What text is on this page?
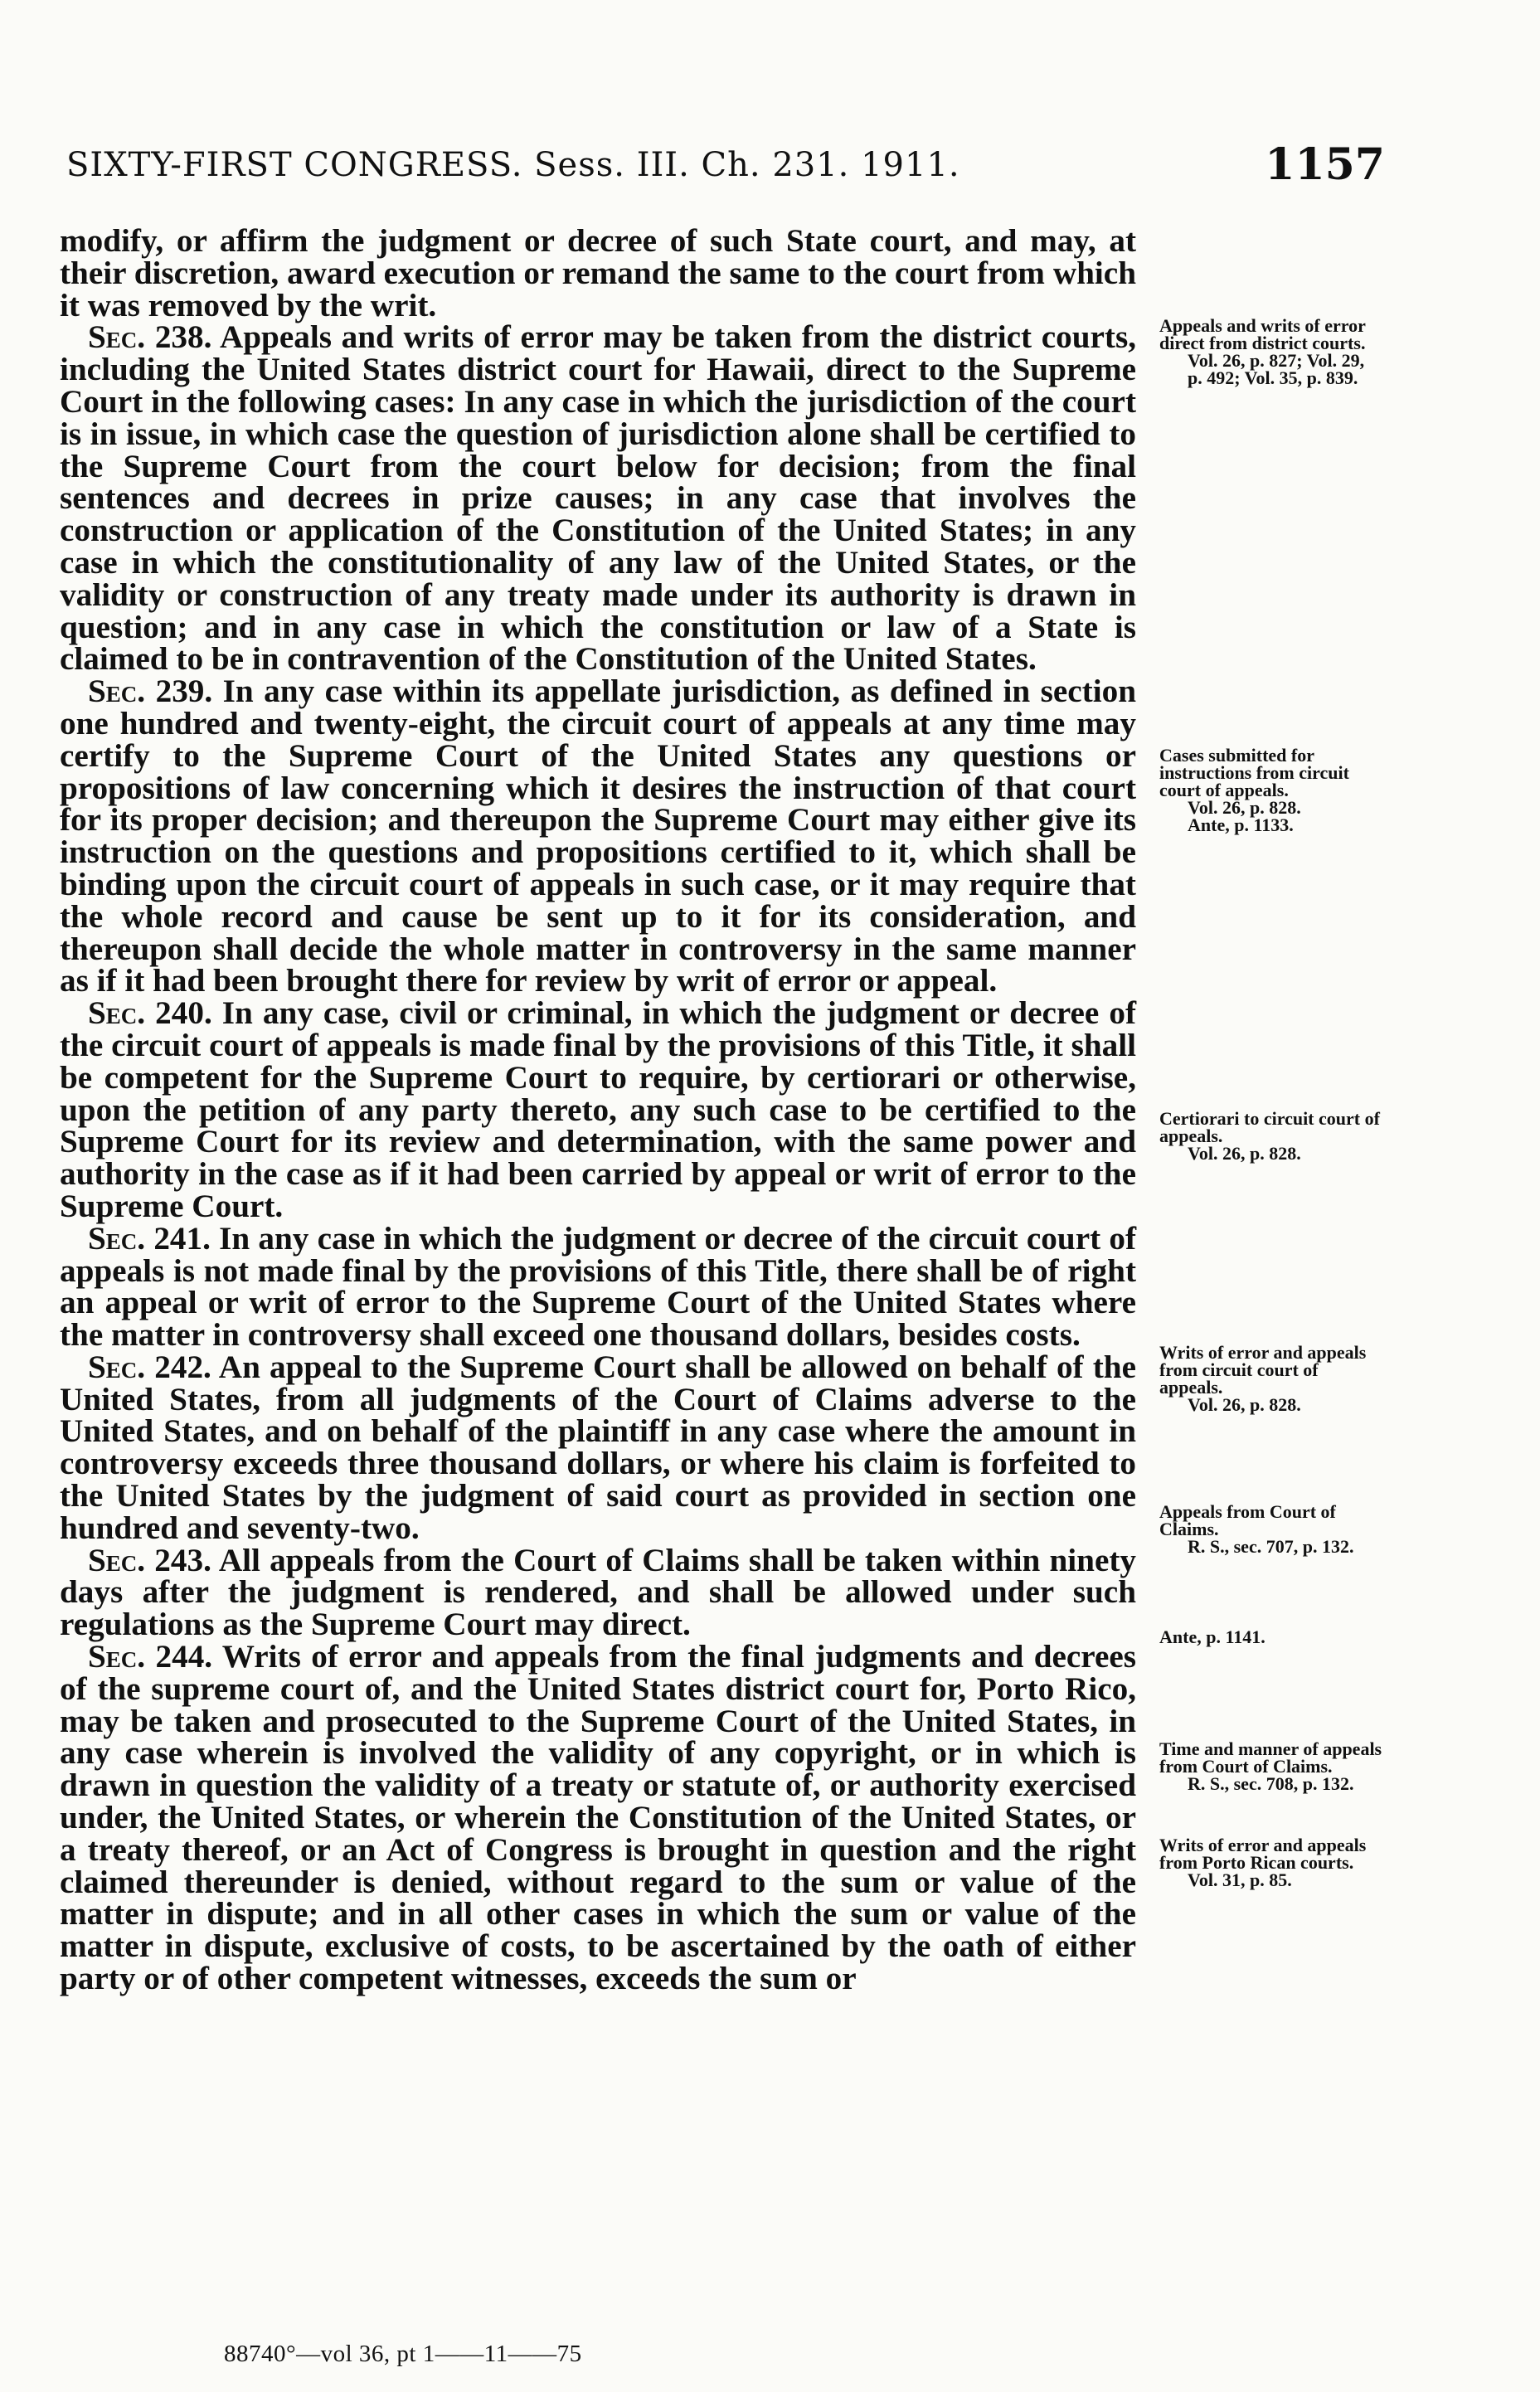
SIXTY-FIRST CONGRESS. Sess. III. Ch. 231. 1911.	1157

modify, or affirm the judgment or decree of such State court, and may, at their discretion, award execution or remand the same to the court from which it was removed by the writ.

Sec. 238. Appeals and writs of error may be taken from the district courts, including the United States district court for Hawaii, direct to the Supreme Court in the following cases: In any case in which the jurisdiction of the court is in issue, in which case the question of jurisdiction alone shall be certified to the Supreme Court from the court below for decision; from the final sentences and decrees in prize causes; in any case that involves the construction or application of the Constitution of the United States; in any case in which the constitutionality of any law of the United States, or the validity or construction of any treaty made under its authority is drawn in question; and in any case in which the constitution or law of a State is claimed to be in contravention of the Constitution of the United States.

Sec. 239. In any case within its appellate jurisdiction, as defined in section one hundred and twenty-eight, the circuit court of appeals at any time may certify to the Supreme Court of the United States any questions or propositions of law concerning which it desires the instruction of that court for its proper decision; and thereupon the Supreme Court may either give its instruction on the questions and propositions certified to it, which shall be binding upon the circuit court of appeals in such case, or it may require that the whole record and cause be sent up to it for its consideration, and thereupon shall decide the whole matter in controversy in the same manner as if it had been brought there for review by writ of error or appeal.

Sec. 240. In any case, civil or criminal, in which the judgment or decree of the circuit court of appeals is made final by the provisions of this Title, it shall be competent for the Supreme Court to require, by certiorari or otherwise, upon the petition of any party thereto, any such case to be certified to the Supreme Court for its review and determination, with the same power and authority in the case as if it had been carried by appeal or writ of error to the Supreme Court.

Sec. 241. In any case in which the judgment or decree of the circuit court of appeals is not made final by the provisions of this Title, there shall be of right an appeal or writ of error to the Supreme Court of the United States where the matter in controversy shall exceed one thousand dollars, besides costs.

Sec. 242. An appeal to the Supreme Court shall be allowed on behalf of the United States, from all judgments of the Court of Claims adverse to the United States, and on behalf of the plaintiff in any case where the amount in controversy exceeds three thousand dollars, or where his claim is forfeited to the United States by the judgment of said court as provided in section one hundred and seventy-two.

Sec. 243. All appeals from the Court of Claims shall be taken within ninety days after the judgment is rendered, and shall be allowed under such regulations as the Supreme Court may direct.

Sec. 244. Writs of error and appeals from the final judgments and decrees of the supreme court of, and the United States district court for, Porto Rico, may be taken and prosecuted to the Supreme Court of the United States, in any case wherein is involved the validity of any copyright, or in which is drawn in question the validity of a treaty or statute of, or authority exercised under, the United States, or wherein the Constitution of the United States, or a treaty thereof, or an Act of Congress is brought in question and the right claimed thereunder is denied, without regard to the sum or value of the matter in dispute; and in all other cases in which the sum or value of the matter in dispute, exclusive of costs, to be ascertained by the oath of either party or of other competent witnesses, exceeds the sum or

Appeals and writs of error direct from district courts.
Vol. 26, p. 827; Vol. 29, p. 492; Vol. 35, p. 839.
Cases submitted for instructions from circuit court of appeals.
Vol. 26, p. 828.
Ante, p. 1133.
Certiorari to circuit court of appeals.
Vol. 26, p. 828.
Writs of error and appeals from circuit court of appeals.
Vol. 26, p. 828.
Appeals from Court of Claims.
R. S., sec. 707, p. 132.
Ante, p. 1141.
Time and manner of appeals from Court of Claims.
R. S., sec. 708, p. 132.
Writs of error and appeals from Porto Rican courts.
Vol. 31, p. 85.
88740°—vol 36, pt 1——11——75
